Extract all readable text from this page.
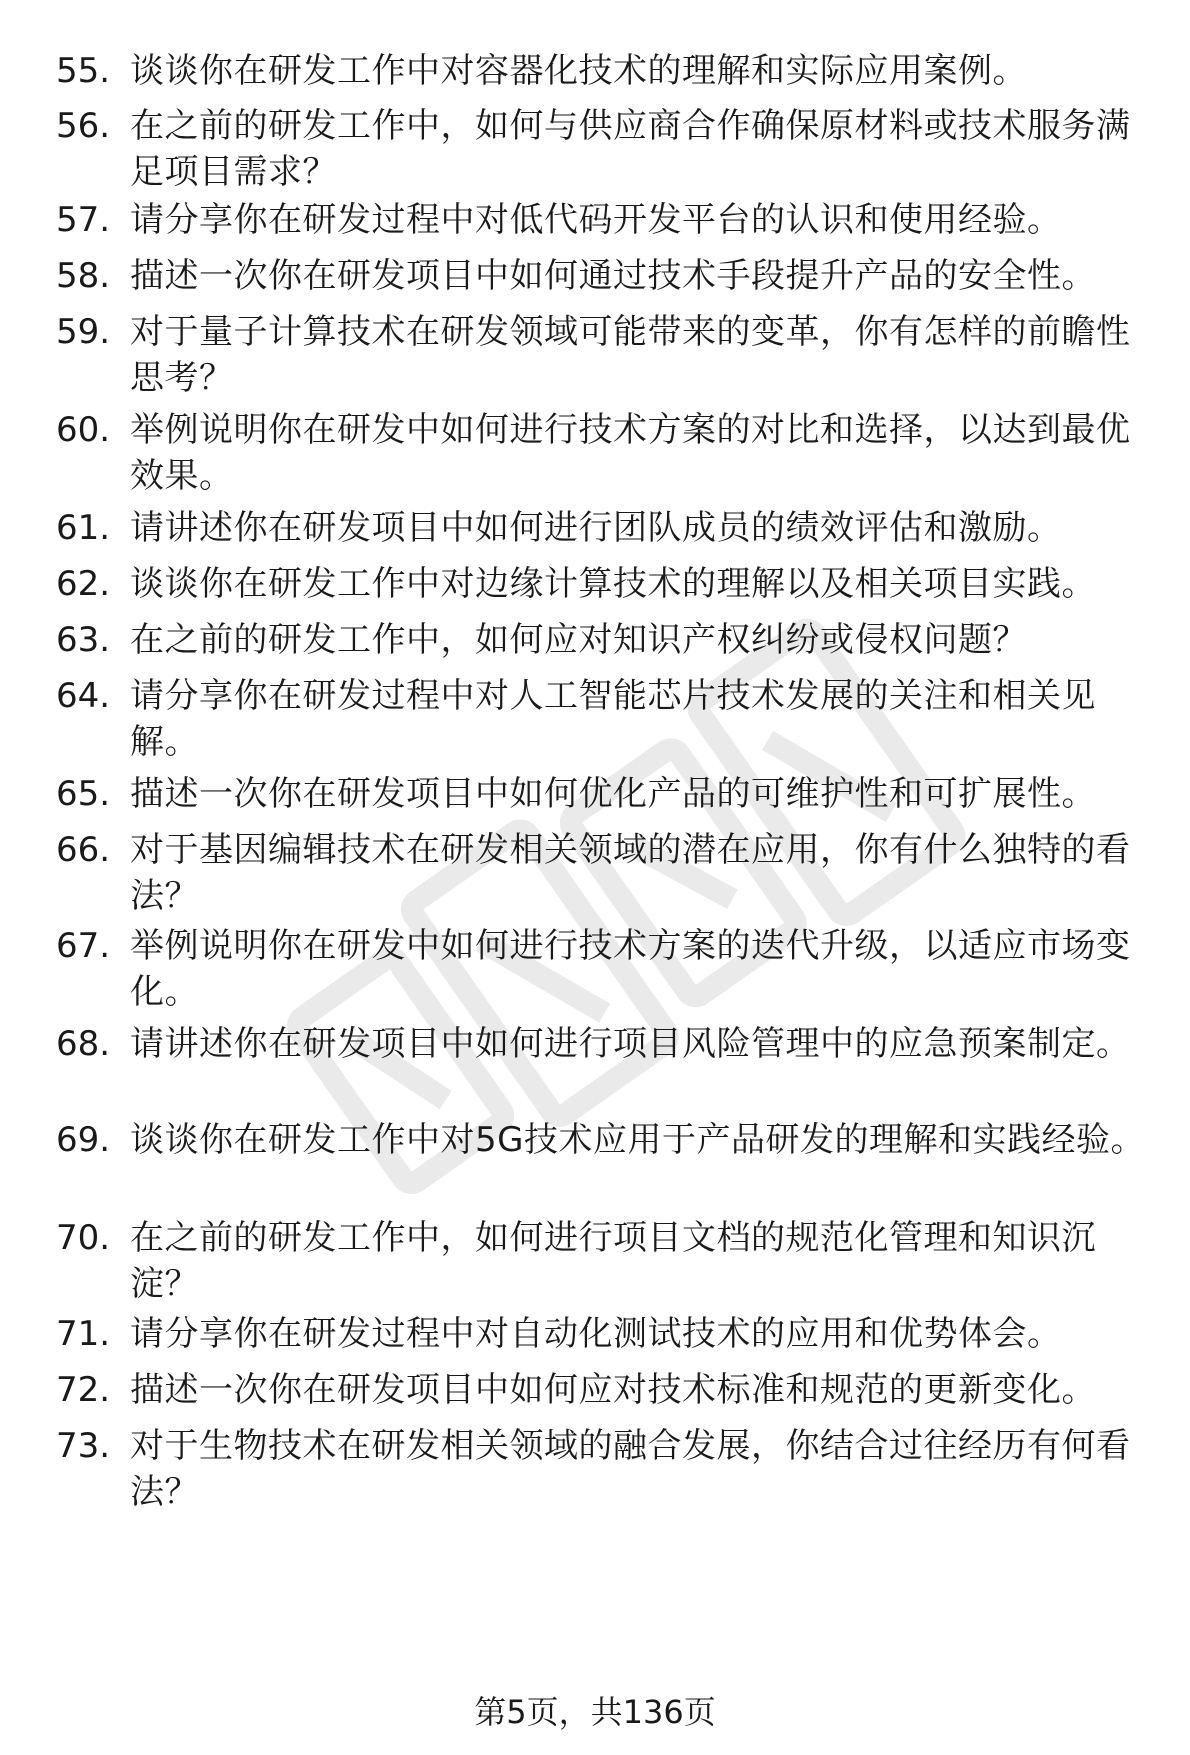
55. 谈谈你在研发工作中对容器化技术的理解和实际应用案例。
56. 在之前的研发工作中，如何与供应商合作确保原材料或技术服务满足项目需求？
57. 请分享你在研发过程中对低代码开发平台的认识和使用经验。
58. 描述一次你在研发项目中如何通过技术手段提升产品的安全性。
59. 对于量子计算技术在研发领域可能带来的变革，你有怎样的前瞻性思考？
60. 举例说明你在研发中如何进行技术方案的对比和选择，以达到最优效果。
61. 请讲述你在研发项目中如何进行团队成员的绩效评估和激励。
62. 谈谈你在研发工作中对边缘计算技术的理解以及相关项目实践。
63. 在之前的研发工作中，如何应对知识产权纠纷或侵权问题？
64. 请分享你在研发过程中对人工智能芯片技术发展的关注和相关见解。
65. 描述一次你在研发项目中如何优化产品的可维护性和可扩展性。
66. 对于基因编辑技术在研发相关领域的潜在应用，你有什么独特的看法？
67. 举例说明你在研发中如何进行技术方案的迭代升级，以适应市场变化。
68. 请讲述你在研发项目中如何进行项目风险管理中的应急预案制定。
69. 谈谈你在研发工作中对5G技术应用于产品研发的理解和实践经验。
70. 在之前的研发工作中，如何进行项目文档的规范化管理和知识沉淀？
71. 请分享你在研发过程中对自动化测试技术的应用和优势体会。
72. 描述一次你在研发项目中如何应对技术标准和规范的更新变化。
73. 对于生物技术在研发相关领域的融合发展，你结合过往经历有何看法？
第5页，共136页
